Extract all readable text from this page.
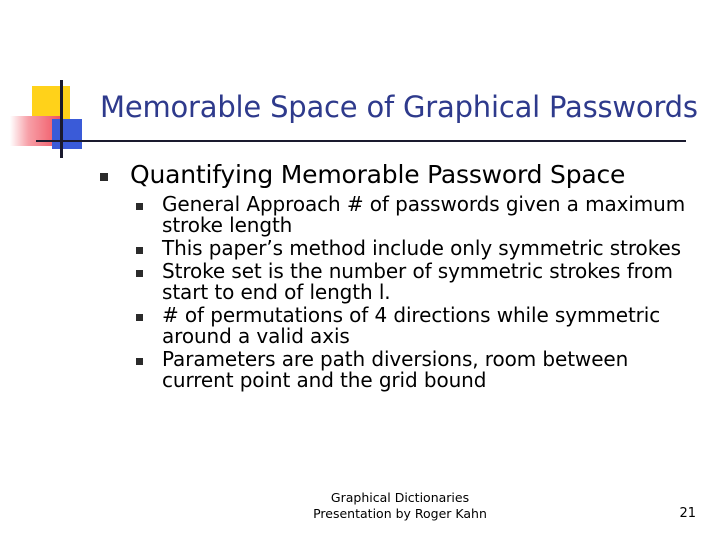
Memorable Space of Graphical Passwords
Quantifying Memorable Password Space
General Approach # of passwords given a maximum stroke length
This paper’s method include only symmetric strokes
Stroke set is the number of symmetric strokes from start to end of length l.
# of permutations of 4 directions while symmetric around a valid axis
Parameters are path diversions, room between current point and the grid bound
Graphical Dictionaries
Presentation by Roger Kahn	21
